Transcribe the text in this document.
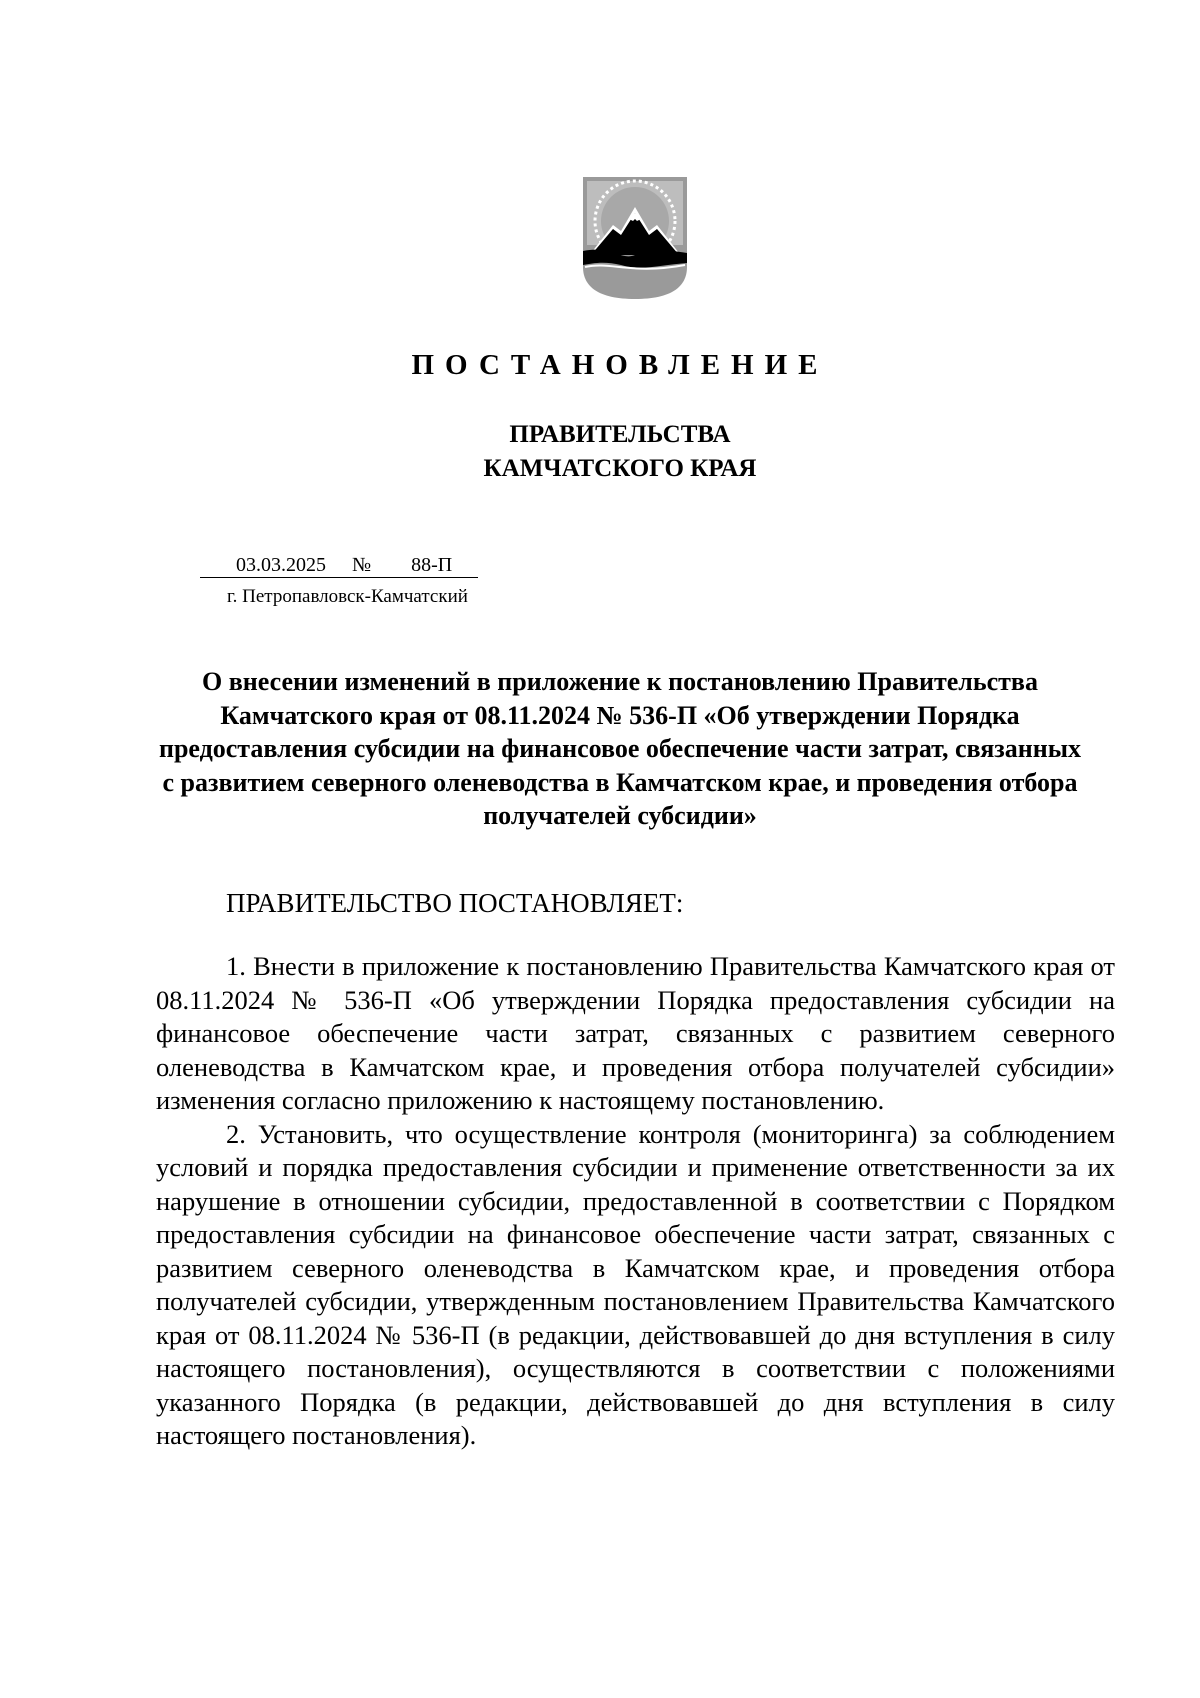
ПОСТАНОВЛЕНИЕ
ПРАВИТЕЛЬСТВА
КАМЧАТСКОГО КРАЯ
03.03.2025 № 88-П
г. Петропавловск-Камчатский
О внесении изменений в приложение к постановлению Правительства Камчатского края от 08.11.2024 № 536-П «Об утверждении Порядка предоставления субсидии на финансовое обеспечение части затрат, связанных с развитием северного оленеводства в Камчатском крае, и проведения отбора получателей субсидии»
ПРАВИТЕЛЬСТВО ПОСТАНОВЛЯЕТ:

1. Внести в приложение к постановлению Правительства Камчатского края от 08.11.2024 № 536-П «Об утверждении Порядка предоставления субсидии на финансовое обеспечение части затрат, связанных с развитием северного оленеводства в Камчатском крае, и проведения отбора получателей субсидии» изменения согласно приложению к настоящему постановлению.

2. Установить, что осуществление контроля (мониторинга) за соблюдением условий и порядка предоставления субсидии и применение ответственности за их нарушение в отношении субсидии, предоставленной в соответствии с Порядком предоставления субсидии на финансовое обеспечение части затрат, связанных с развитием северного оленеводства в Камчатском крае, и проведения отбора получателей субсидии, утвержденным постановлением Правительства Камчатского края от 08.11.2024 № 536-П (в редакции, действовавшей до дня вступления в силу настоящего постановления), осуществляются в соответствии с положениями указанного Порядка (в редакции, действовавшей до дня вступления в силу настоящего постановления).
